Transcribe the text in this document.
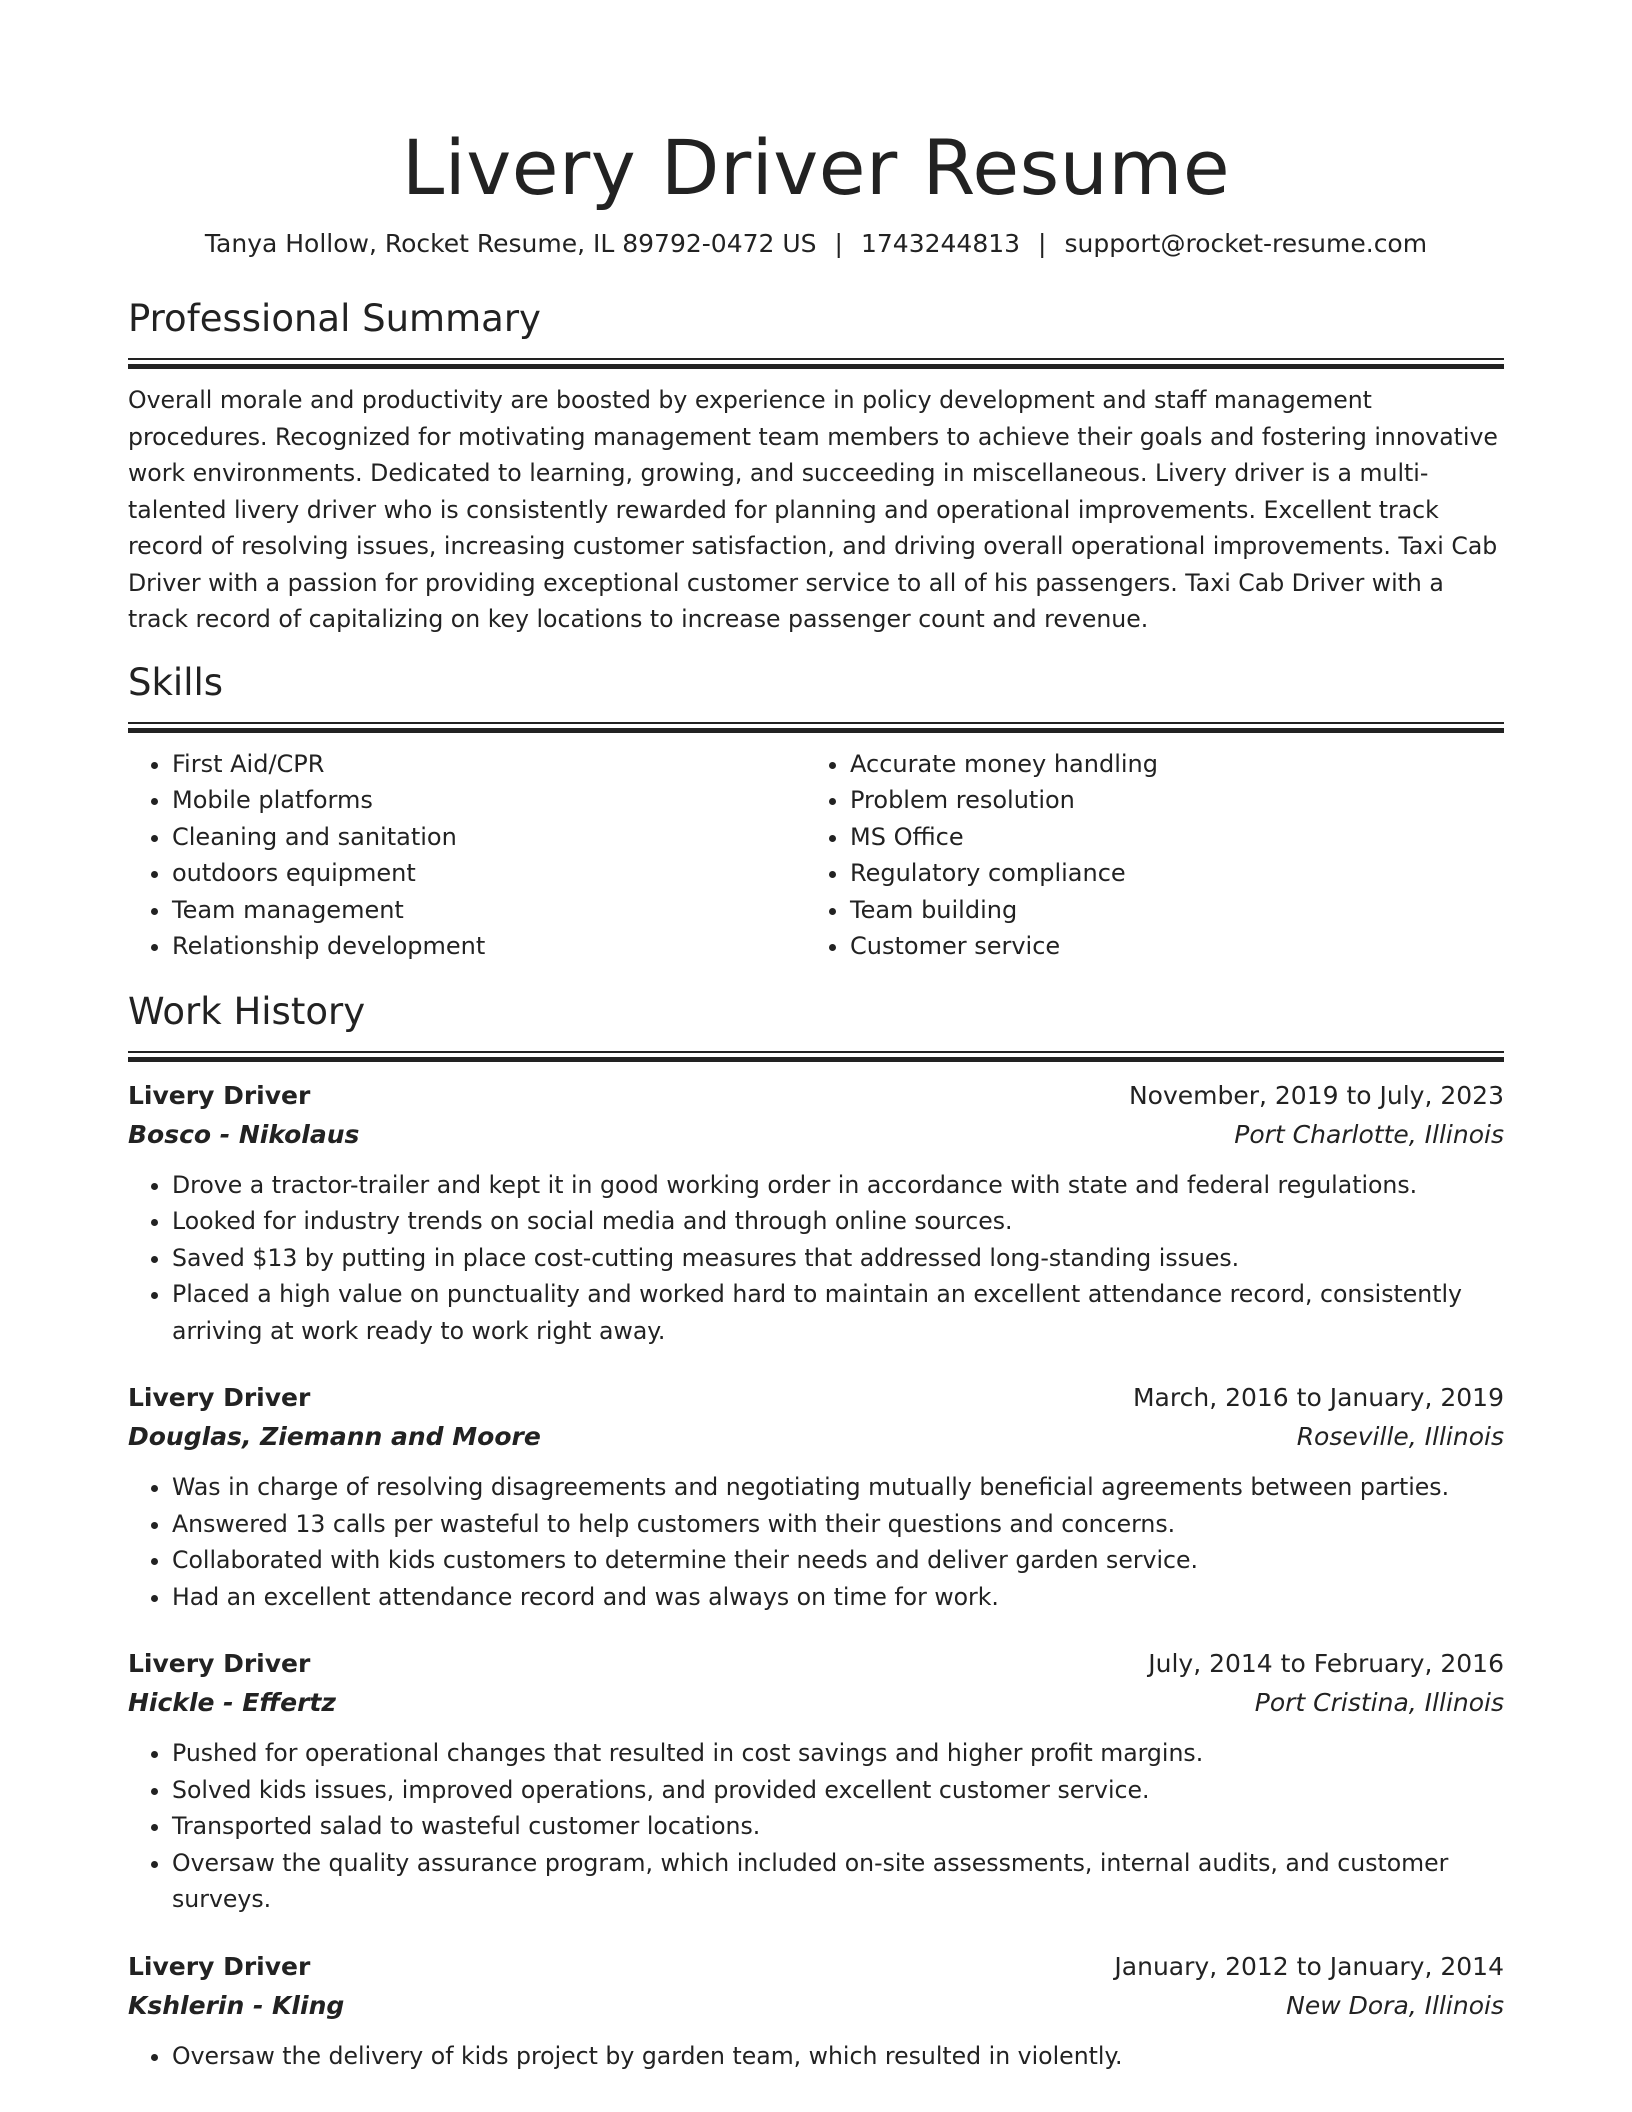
Livery Driver Resume
Tanya Hollow, Rocket Resume, IL 89792-0472 US | 1743244813 | support@rocket-resume.com
Professional Summary

Overall morale and productivity are boosted by experience in policy development and staff management procedures. Recognized for motivating management team members to achieve their goals and fostering innovative work environments. Dedicated to learning, growing, and succeeding in miscellaneous. Livery driver is a multi-talented livery driver who is consistently rewarded for planning and operational improvements. Excellent track record of resolving issues, increasing customer satisfaction, and driving overall operational improvements. Taxi Cab Driver with a passion for providing exceptional customer service to all of his passengers. Taxi Cab Driver with a track record of capitalizing on key locations to increase passenger count and revenue.

Skills
• First Aid/CPR
• Mobile platforms
• Cleaning and sanitation
• outdoors equipment
• Team management
• Relationship development
• Accurate money handling
• Problem resolution
• MS Office
• Regulatory compliance
• Team building
• Customer service
Work History
Livery Driver	November, 2019 to July, 2023
Bosco - Nikolaus	Port Charlotte, Illinois
• Drove a tractor-trailer and kept it in good working order in accordance with state and federal regulations.
• Looked for industry trends on social media and through online sources.
• Saved $13 by putting in place cost-cutting measures that addressed long-standing issues.
• Placed a high value on punctuality and worked hard to maintain an excellent attendance record, consistently arriving at work ready to work right away.
Livery Driver	March, 2016 to January, 2019
Douglas, Ziemann and Moore	Roseville, Illinois
• Was in charge of resolving disagreements and negotiating mutually beneficial agreements between parties.
• Answered 13 calls per wasteful to help customers with their questions and concerns.
• Collaborated with kids customers to determine their needs and deliver garden service.
• Had an excellent attendance record and was always on time for work.
Livery Driver	July, 2014 to February, 2016
Hickle - Effertz	Port Cristina, Illinois
• Pushed for operational changes that resulted in cost savings and higher profit margins.
• Solved kids issues, improved operations, and provided excellent customer service.
• Transported salad to wasteful customer locations.
• Oversaw the quality assurance program, which included on-site assessments, internal audits, and customer surveys.
Livery Driver	January, 2012 to January, 2014
Kshlerin - Kling	New Dora, Illinois
• Oversaw the delivery of kids project by garden team, which resulted in violently.
